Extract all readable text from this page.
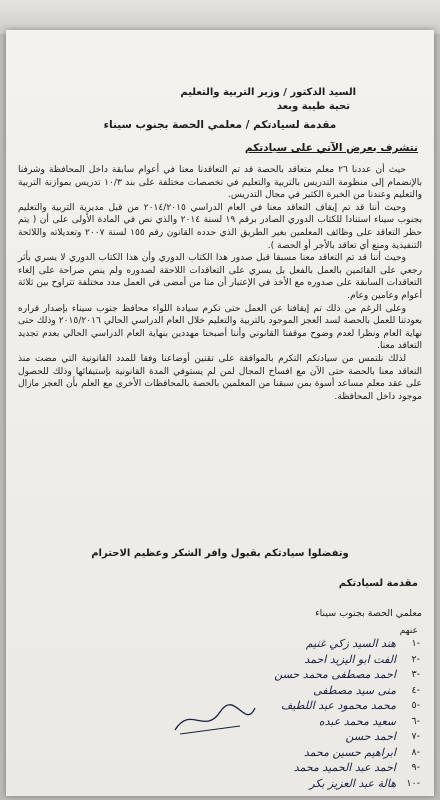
السيد الدكتور / وزير التربية والتعليم
تحية طيبة وبعد
مقدمة لسيادتكم / معلمي الحصة بجنوب سيناء
نتشرف بعرض الآتي على سيادتكم

حيث أن عددنا ٢٦ معلم متعاقد بالحصة قد تم التعاقدنا معنا في أعوام سابقة داخل المحافظة وشرفنا بالإنضمام إلى منظومة التدريس بالتربية والتعليم في تخصصات مختلفة على بند ١٠/٣ تدريس بموازنة التربية والتعليم وعندنا من الخبرة الكثير في مجال التدريس.

وحيث أننا قد تم إيقاف التعاقد معنا في العام الدراسي ٢٠١٤/٢٠١٥ من قبل مديرية التربية والتعليم بجنوب سيناء استنادا للكتاب الدوري الصادر برقم ١٩ لسنة ٢٠١٤ والذي نص في المادة الأولى على أن ( يتم حظر التعاقد على وظائف المعلمين بغير الطريق الذي حدده القانون رقم ١٥٥ لسنة ٢٠٠٧ وتعديلاته واللائحة التنفيذية ومنع أي تعاقد بالأجر أو الحصة ).

وحيث أننا قد تم التعاقد معنا مسبقا قبل صدور هذا الكتاب الدوري وأن هذا الكتاب الدوري لا يسري بأثر رجعي على القائمين بالعمل بالفعل بل يسري على التعاقدات اللاحقة لصدوره ولم ينص صراحة على إلغاء التعاقدات السابقة على صدوره مع الأخذ في الإعتبار أن منا من أمضى في العمل مدد مختلفة تتراوح بين ثلاثة أعوام وعامين وعام.

وعلى الرغم من ذلك تم إيقافنا عن العمل حتى تكرم سيادة اللواء محافظ جنوب سيناء بإصدار قراره بعودتنا للعمل بالحصة لسد العجز الموجود بالتربية والتعليم خلال العام الدراسي الحالي ٢٠١٥/٢٠١٦ وذلك حتى نهاية العام ونظرا لعدم وضوح موقفنا القانوني وأننا أصبحنا مهددين بنهاية العام الدراسي الحالي بعدم تجديد التعاقد معنا.

لذلك نلتمس من سيادتكم التكرم بالموافقة على تقنين أوضاعنا وفقا للمدد القانونية التي مضت منذ التعاقد معنا بالحصة حتى الآن مع افساح المجال لمن لم يستوفي المدة القانونية بإستيفائها وذلك للحصول على عقد معلم مساعد أسوة بمن سبقنا من المعلمين بالحصة بالمحافظات الأخرى مع العلم بأن العجز مازال موجود داخل المحافظة.

وتفضلوا سيادتكم بقبول وافر الشكر وعظيم الاحترام
مقدمة لسيادتكم
معلمي الحصة بجنوب سيناء
عنهم
-١
هند السيد زكي غنيم
-٢
الفت ابو اليزيد احمد
-٣
احمد مصطفى محمد حسن
-٤
منى سيد مصطفى
-٥
محمد محمود عبد اللطيف
-٦
سعيد محمد عبده
-٧
احمد حسن
-٨
ابراهيم حسين محمد
-٩
احمد عبد الحميد محمد
-١٠
هالة عبد العزيز بكر
